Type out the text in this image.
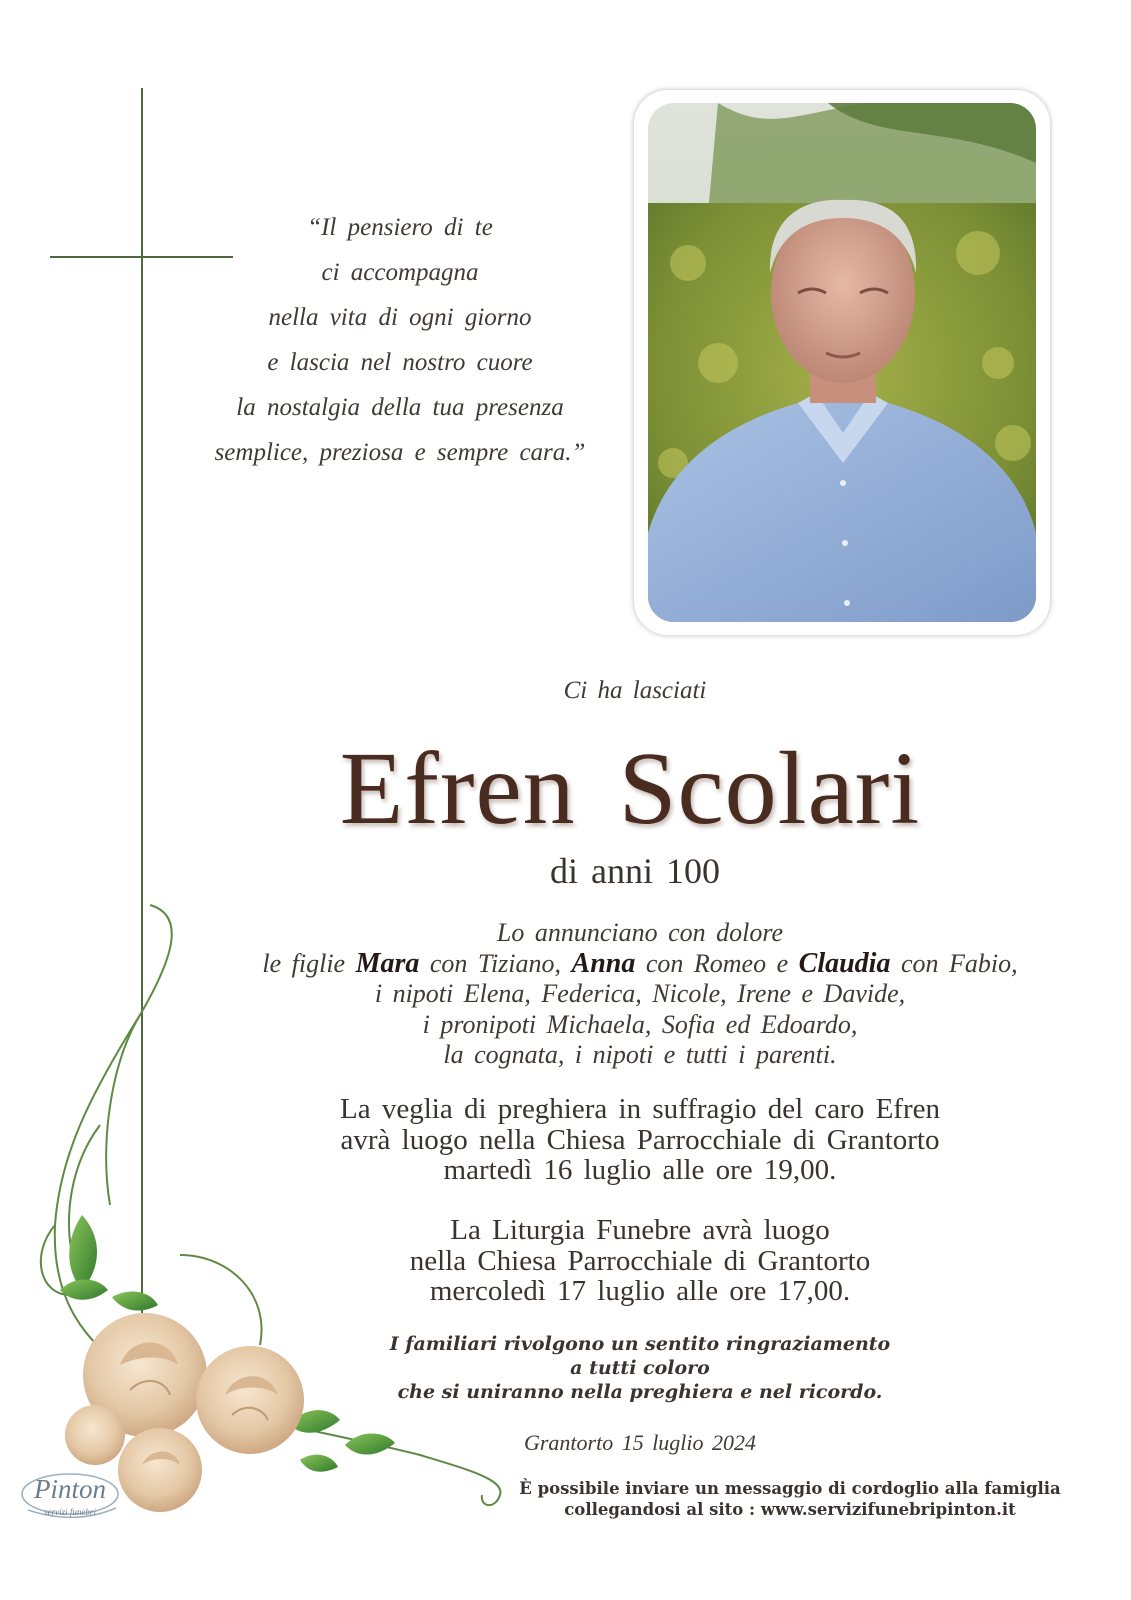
“Il pensiero di te
ci accompagna
nella vita di ogni giorno
e lascia nel nostro cuore
la nostalgia della tua presenza
semplice, preziosa e sempre cara.”
Ci ha lasciati
Efren Scolari
di anni 100
Lo annunciano con dolore
le figlie Mara con Tiziano, Anna con Romeo e Claudia con Fabio,
i nipoti Elena, Federica, Nicole, Irene e Davide,
i pronipoti Michaela, Sofia ed Edoardo,
la cognata, i nipoti e tutti i parenti.
La veglia di preghiera in suffragio del caro Efren
avrà luogo nella Chiesa Parrocchiale di Grantorto
martedì 16 luglio alle ore 19,00.
La Liturgia Funebre avrà luogo
nella Chiesa Parrocchiale di Grantorto
mercoledì 17 luglio alle ore 17,00.
I familiari rivolgono un sentito ringraziamento
a tutti coloro
che si uniranno nella preghiera e nel ricordo.
Grantorto 15 luglio 2024
Pinton
servizi funebri
È possibile inviare un messaggio di cordoglio alla famiglia
collegandosi al sito : www.servizifunebripinton.it
